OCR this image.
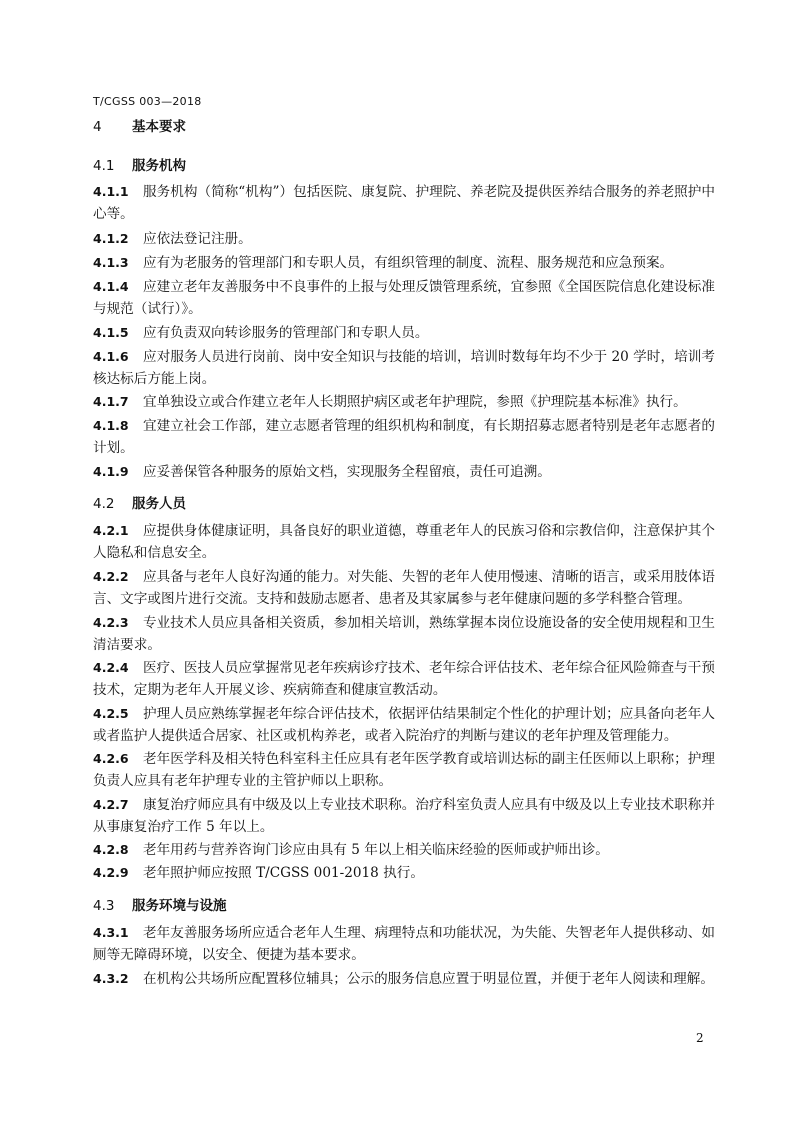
T/CGSS 003—2018
4 基本要求
4.1 服务机构
4.1.1 服务机构（简称“机构”）包括医院、康复院、护理院、养老院及提供医养结合服务的养老照护中心等。
4.1.2 应依法登记注册。
4.1.3 应有为老服务的管理部门和专职人员，有组织管理的制度、流程、服务规范和应急预案。
4.1.4 应建立老年友善服务中不良事件的上报与处理反馈管理系统，宜参照《全国医院信息化建设标准与规范（试行）》。
4.1.5 应有负责双向转诊服务的管理部门和专职人员。
4.1.6 应对服务人员进行岗前、岗中安全知识与技能的培训，培训时数每年均不少于 20 学时，培训考核达标后方能上岗。
4.1.7 宜单独设立或合作建立老年人长期照护病区或老年护理院，参照《护理院基本标准》执行。
4.1.8 宜建立社会工作部，建立志愿者管理的组织机构和制度，有长期招募志愿者特别是老年志愿者的计划。
4.1.9 应妥善保管各种服务的原始文档，实现服务全程留痕，责任可追溯。
4.2 服务人员
4.2.1 应提供身体健康证明，具备良好的职业道德，尊重老年人的民族习俗和宗教信仰，注意保护其个人隐私和信息安全。
4.2.2 应具备与老年人良好沟通的能力。对失能、失智的老年人使用慢速、清晰的语言，或采用肢体语言、文字或图片进行交流。支持和鼓励志愿者、患者及其家属参与老年健康问题的多学科整合管理。
4.2.3 专业技术人员应具备相关资质，参加相关培训，熟练掌握本岗位设施设备的安全使用规程和卫生清洁要求。
4.2.4 医疗、医技人员应掌握常见老年疾病诊疗技术、老年综合评估技术、老年综合征风险筛查与干预技术，定期为老年人开展义诊、疾病筛查和健康宣教活动。
4.2.5 护理人员应熟练掌握老年综合评估技术，依据评估结果制定个性化的护理计划；应具备向老年人或者监护人提供适合居家、社区或机构养老，或者入院治疗的判断与建议的老年护理及管理能力。
4.2.6 老年医学科及相关特色科室科主任应具有老年医学教育或培训达标的副主任医师以上职称；护理负责人应具有老年护理专业的主管护师以上职称。
4.2.7 康复治疗师应具有中级及以上专业技术职称。治疗科室负责人应具有中级及以上专业技术职称并从事康复治疗工作 5 年以上。
4.2.8 老年用药与营养咨询门诊应由具有 5 年以上相关临床经验的医师或护师出诊。
4.2.9 老年照护师应按照 T/CGSS 001-2018 执行。
4.3 服务环境与设施
4.3.1 老年友善服务场所应适合老年人生理、病理特点和功能状况，为失能、失智老年人提供移动、如厕等无障碍环境，以安全、便捷为基本要求。
4.3.2 在机构公共场所应配置移位辅具；公示的服务信息应置于明显位置，并便于老年人阅读和理解。
2
